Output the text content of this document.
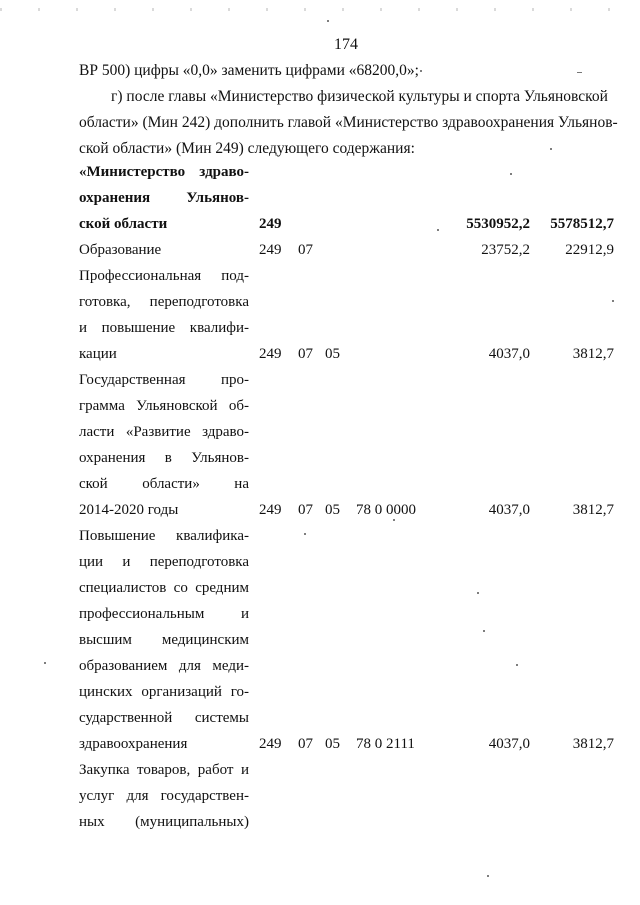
174
ВР 500) цифры «0,0» заменить цифрами «68200,0»;
г) после главы «Министерство физической культуры и спорта Ульяновской
области» (Мин 242) дополнить главой «Министерство здравоохранения Ульянов-
ской области» (Мин 249) следующего содержания:
«Министерство здраво-
охранения Ульянов-
ской области	249	5530952,2	5578512,7
Образование	249 07	23752,2	22912,9
Профессиональная под-
готовка, переподготовка
и повышение квалифи-
кации	249 07 05	4037,0	3812,7
Государственная про-
грамма Ульяновской об-
ласти «Развитие здраво-
охранения в Ульянов-
ской области» на
2014-2020 годы	249 07 05 78 0 0000	4037,0	3812,7
Повышение квалифика-
ции и переподготовка
специалистов со средним
профессиональным и
высшим медицинским
образованием для меди-
цинских организаций го-
сударственной системы
здравоохранения	249 07 05 78 0 2111	4037,0	3812,7
Закупка товаров, работ и
услуг для государствен-
ных (муниципальных)
